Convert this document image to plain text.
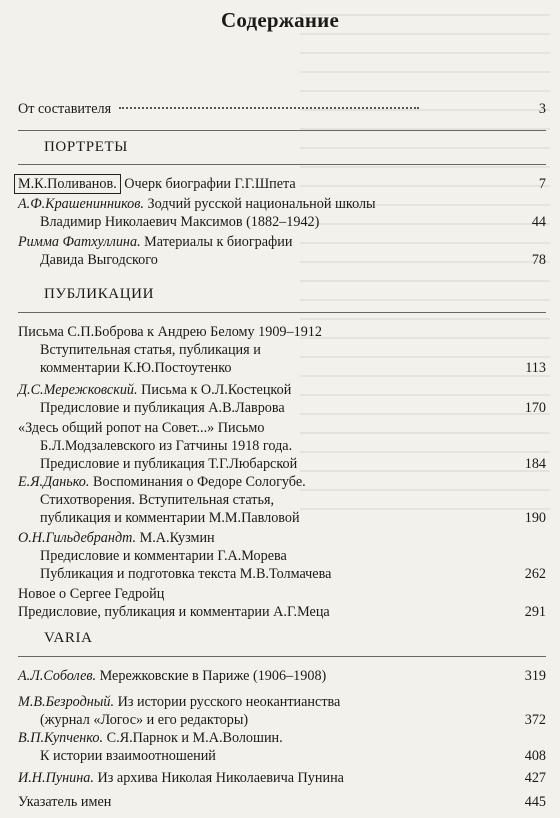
Содержание
От составителя	3
ПОРТРЕТЫ
М.К.Поливанов. Очерк биографии Г.Г.Шпета	7
А.Ф.Крашенинников. Зодчий русской национальной школы
Владимир Николаевич Максимов (1882–1942)	44
Римма Фатхуллина. Материалы к биографии
Давида Выгодского	78
ПУБЛИКАЦИИ
Письма С.П.Боброва к Андрею Белому 1909–1912
Вступительная статья, публикация и
комментарии К.Ю.Постоутенко	113
Д.С.Мережковский. Письма к О.Л.Костецкой
Предисловие и публикация А.В.Лаврова	170
«Здесь общий ропот на Совет...» Письмо
Б.Л.Модзалевского из Гатчины 1918 года.
Предисловие и публикация Т.Г.Любарской	184
Е.Я.Данько. Воспоминания о Федоре Сологубе.
Стихотворения. Вступительная статья,
публикация и комментарии М.М.Павловой	190
О.Н.Гильдебрандт. М.А.Кузмин
Предисловие и комментарии Г.А.Морева
Публикация и подготовка текста М.В.Толмачева	262
Новое о Сергее Гедройц
Предисловие, публикация и комментарии А.Г.Меца	291
VARIA
А.Л.Соболев. Мережковские в Париже (1906–1908)	319
М.В.Безродный. Из истории русского неокантианства
(журнал «Логос» и его редакторы)	372
В.П.Купченко. С.Я.Парнок и М.А.Волошин.
К истории взаимоотношений	408
И.Н.Пунина. Из архива Николая Николаевича Пунина	427
Указатель имен	445
